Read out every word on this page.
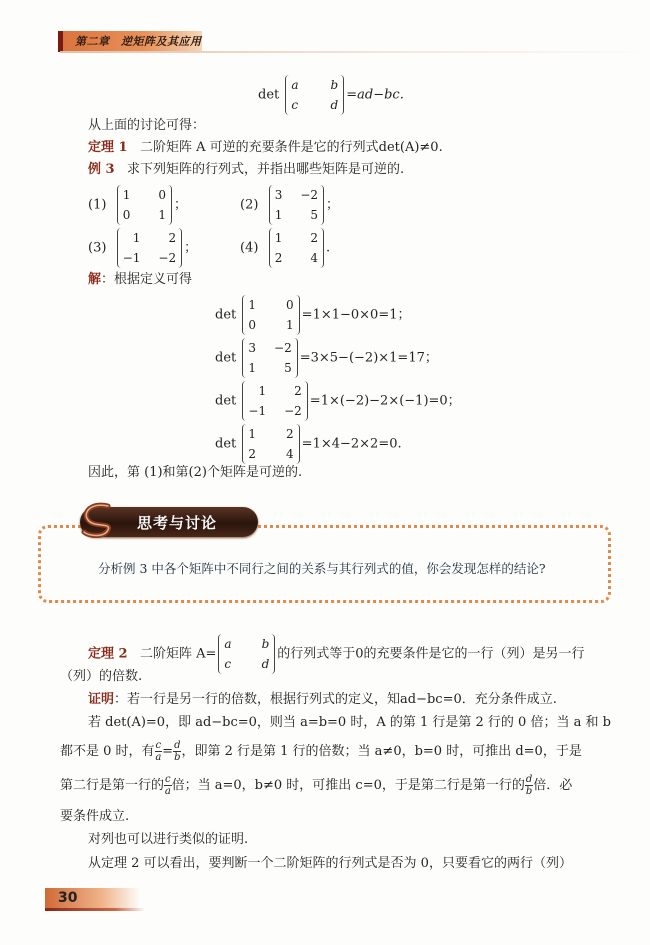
第二章　逆矩阵及其应用
det
a		b
c		d
=ad−bc.
从上面的讨论可得：
定理 1 二阶矩阵 A 可逆的充要条件是它的行列式det(A)≠0.
例 3 求下列矩阵的行列式，并指出哪些矩阵是可逆的.
(1)
1		0
0		1
；	(2)
3		−2
1		5
；
(3)
1		2
−1		−2
；	(4)
1		2
2		4
.
解：根据定义可得
det
1		0
0		1
=1×1−0×0=1；
det
3		−2
1		5
=3×5−(−2)×1=17；
det
1		2
−1		−2
=1×(−2)−2×(−1)=0；
det
1		2
2		4
=1×4−2×2=0.
因此，第 (1)和第(2)个矩阵是可逆的.
思考与讨论
分析例 3 中各个矩阵中不同行之间的关系与其行列式的值，你会发现怎样的结论?
定理 2 二阶矩阵 A=
a		b
c		d
的行列式等于0的充要条件是它的一行（列）是另一行
（列）的倍数.
证明：若一行是另一行的倍数，根据行列式的定义，知ad−bc=0．充分条件成立.
若 det(A)=0，即 ad−bc=0，则当 a=b=0 时，A 的第 1 行是第 2 行的 0 倍；当 a 和 b
都不是 0 时，有 $\frac{c}{a} = \frac{d}{b}$ ，即第 2 行是第 1 行的倍数；当 a≠0，b=0 时，可推出 d=0，于是
第二行是第一行的 $\frac{c}{a}$ 倍；当 a=0，b≠0 时，可推出 c=0，于是第二行是第一行的 $\frac{d}{b}$ 倍．必
要条件成立.
对列也可以进行类似的证明.
从定理 2 可以看出，要判断一个二阶矩阵的行列式是否为 0，只要看它的两行（列）
30
